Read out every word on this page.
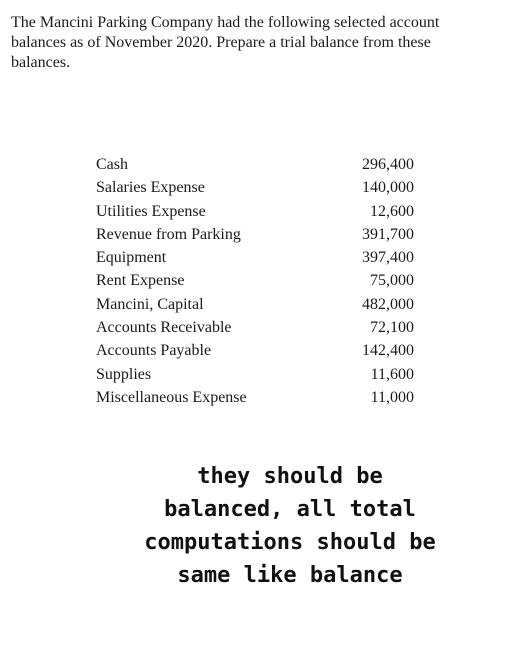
The Mancini Parking Company had the following selected account
balances as of November 2020. Prepare a trial balance from these
balances.
Cash	296,400
Salaries Expense	140,000
Utilities Expense	12,600
Revenue from Parking	391,700
Equipment	397,400
Rent Expense	75,000
Mancini, Capital	482,000
Accounts Receivable	72,100
Accounts Payable	142,400
Supplies	11,600
Miscellaneous Expense	11,000
they should be
balanced, all total
computations should be
same like balance
